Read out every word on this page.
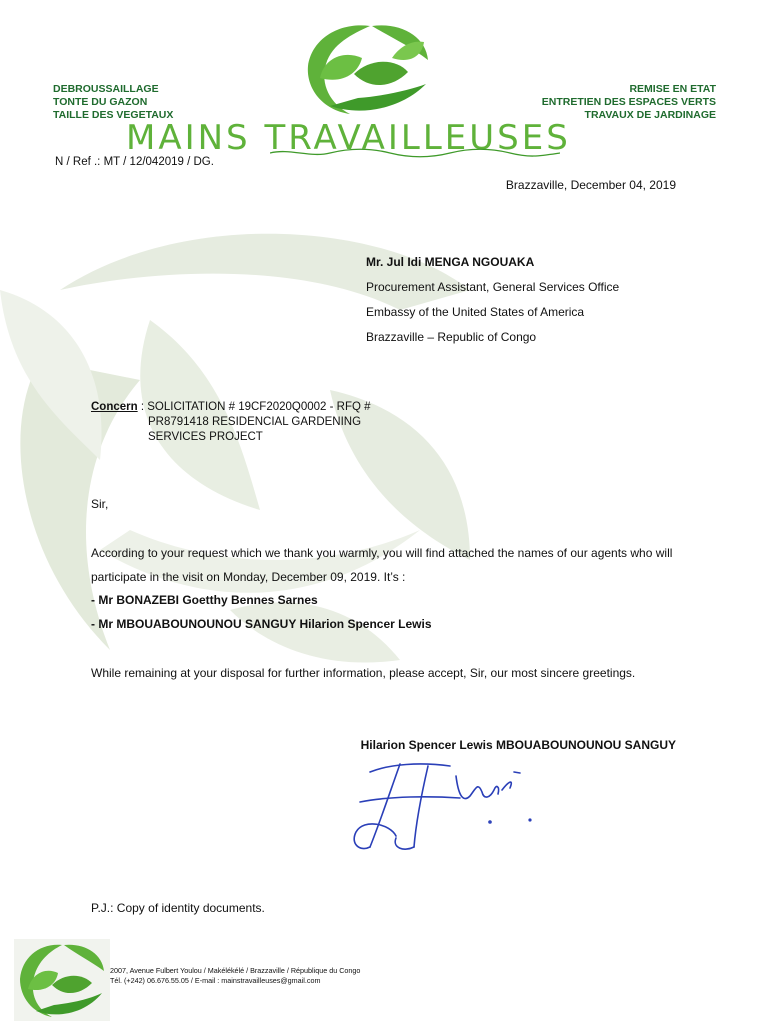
DEBROUSSAILLAGE
TONTE DU GAZON
TAILLE DES VEGETAUX
REMISE EN ETAT
ENTRETIEN DES ESPACES VERTS
TRAVAUX DE JARDINAGE
MAINS TRAVAILLEUSES
N / Ref .: MT / 12/042019 / DG.
Brazzaville, December 04, 2019
Mr. Jul Idi MENGA NGOUAKA
Procurement Assistant, General Services Office
Embassy of the United States of America
Brazzaville – Republic of Congo
Concern : SOLICITATION # 19CF2020Q0002 - RFQ #
PR8791418 RESIDENCIAL GARDENING
SERVICES PROJECT
Sir,
According to your request which we thank you warmly, you will find attached the names of our agents who will participate in the visit on Monday, December 09, 2019. It’s :
- Mr BONAZEBI Goetthy Bennes Sarnes
- Mr MBOUABOUNOUNOU SANGUY Hilarion Spencer Lewis
While remaining at your disposal for further information, please accept, Sir, our most sincere greetings.
Hilarion Spencer Lewis MBOUABOUNOUNOU SANGUY
P.J.: Copy of identity documents.
2007, Avenue Fulbert Youlou / Makélékélé / Brazzaville / République du Congo
Tél. (+242) 06.676.55.05 / E-mail : mainstravailleuses@gmail.com
